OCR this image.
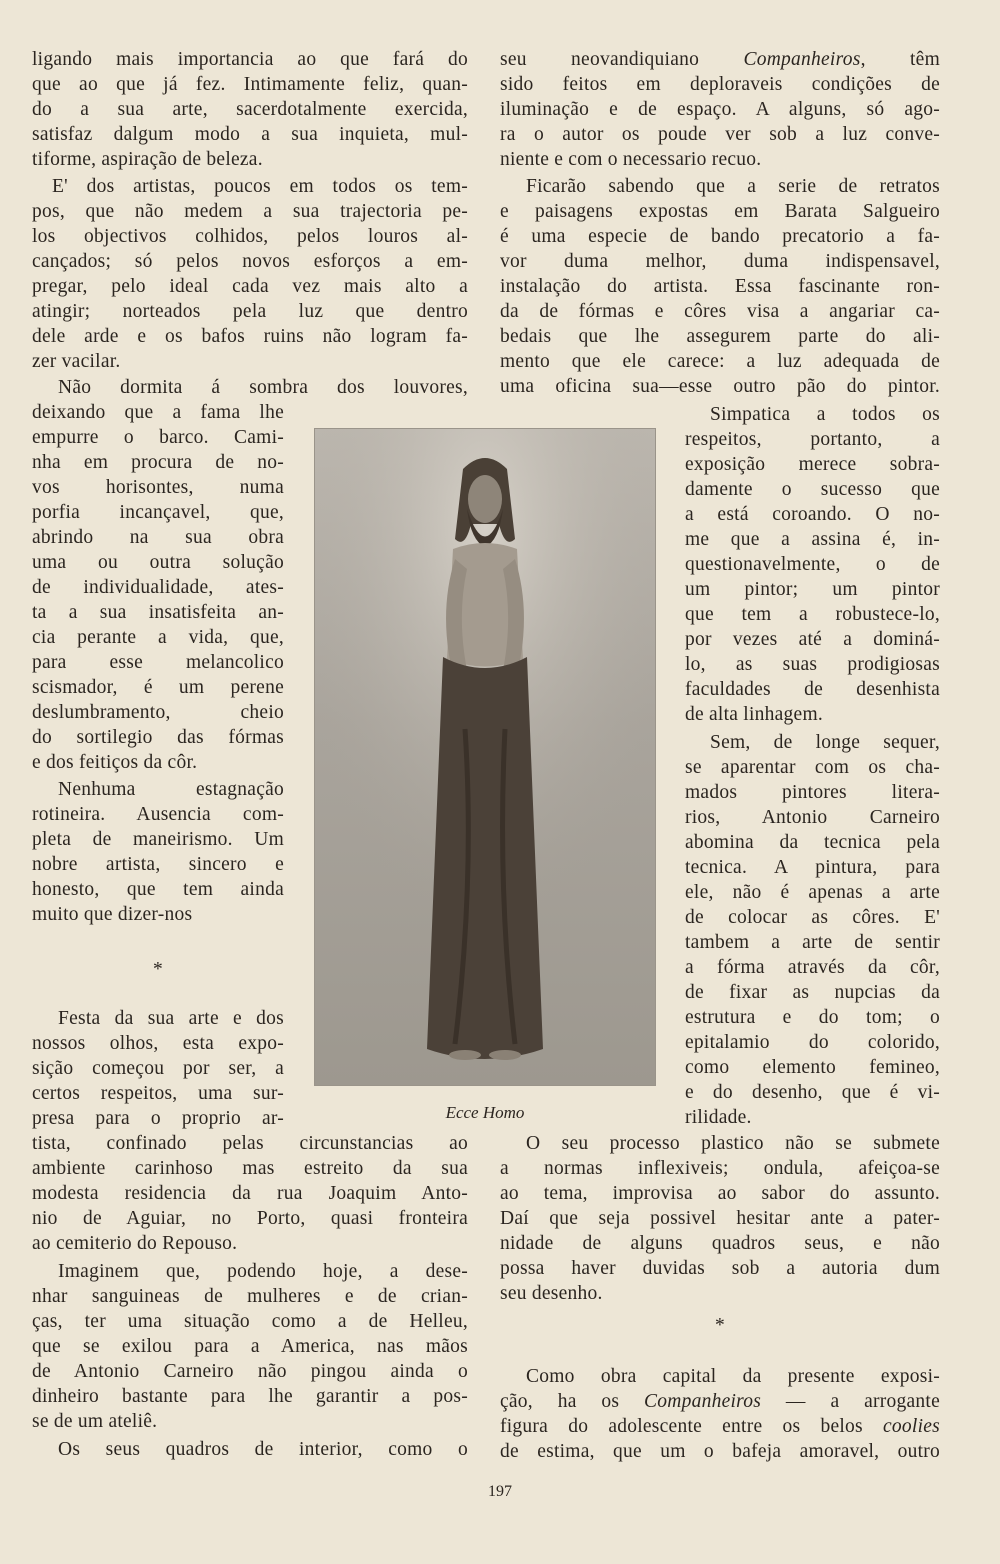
ligando mais importancia ao que fará do
que ao que já fez. Intimamente feliz, quan-
do a sua arte, sacerdotalmente exercida,
satisfaz dalgum modo a sua inquieta, mul-
tiforme, aspiração de beleza.
E' dos artistas, poucos em todos os tem-
pos, que não medem a sua trajectoria pe-
los objectivos colhidos, pelos louros al-
cançados; só pelos novos esforços a em-
pregar, pelo ideal cada vez mais alto a
atingir; norteados pela luz que dentro
dele arde e os bafos ruins não logram fa-
zer vacilar.
Não dormita á sombra dos louvores,
deixando que a fama lhe
empurre o barco. Cami-
nha em procura de no-
vos horisontes, numa
porfia incançavel, que,
abrindo na sua obra
uma ou outra solução
de individualidade, ates-
ta a sua insatisfeita an-
cia perante a vida, que,
para esse melancolico
scismador, é um perene
deslumbramento, cheio
do sortilegio das fórmas
e dos feitiços da côr.
Nenhuma estagnação
rotineira. Ausencia com-
pleta de maneirismo. Um
nobre artista, sincero e
honesto, que tem ainda
muito que dizer-nos
*
Festa da sua arte e dos
nossos olhos, esta expo-
sição começou por ser, a
certos respeitos, uma sur-
presa para o proprio ar-
tista, confinado pelas circunstancias ao
ambiente carinhoso mas estreito da sua
modesta residencia da rua Joaquim Anto-
nio de Aguiar, no Porto, quasi fronteira
ao cemiterio do Repouso.
Imaginem que, podendo hoje, a dese-
nhar sanguineas de mulheres e de crian-
ças, ter uma situação como a de Helleu,
que se exilou para a America, nas mãos
de Antonio Carneiro não pingou ainda o
dinheiro bastante para lhe garantir a pos-
se de um ateliê.
Os seus quadros de interior, como o
seu neovandiquiano Companheiros, têm
sido feitos em deploraveis condições de
iluminação e de espaço. A alguns, só ago-
ra o autor os poude ver sob a luz conve-
niente e com o necessario recuo.
Ficarão sabendo que a serie de retratos
e paisagens expostas em Barata Salgueiro
é uma especie de bando precatorio a fa-
vor duma melhor, duma indispensavel,
instalação do artista. Essa fascinante ron-
da de fórmas e côres visa a angariar ca-
bedais que lhe assegurem parte do ali-
mento que ele carece: a luz adequada de
uma oficina sua—esse outro pão do pintor.
Simpatica a todos os
respeitos, portanto, a
exposição merece sobra-
damente o sucesso que
a está coroando. O no-
me que a assina é, in-
questionavelmente, o de
um pintor; um pintor
que tem a robustece-lo,
por vezes até a dominá-
lo, as suas prodigiosas
faculdades de desenhista
de alta linhagem.
Sem, de longe sequer,
se aparentar com os cha-
mados pintores litera-
rios, Antonio Carneiro
abomina da tecnica pela
tecnica. A pintura, para
ele, não é apenas a arte
de colocar as côres. E'
tambem a arte de sentir
a fórma através da côr,
de fixar as nupcias da
estrutura e do tom; o
epitalamio do colorido,
como elemento femineo,
e do desenho, que é vi-
rilidade.
O seu processo plastico não se submete
a normas inflexiveis; ondula, afeiçoa-se
ao tema, improvisa ao sabor do assunto.
Daí que seja possivel hesitar ante a pater-
nidade de alguns quadros seus, e não
possa haver duvidas sob a autoria dum
seu desenho.
*
Como obra capital da presente exposi-
ção, ha os Companheiros — a arrogante
figura do adolescente entre os belos coolies
de estima, que um o bafeja amoravel, outro
Ecce Homo
197
